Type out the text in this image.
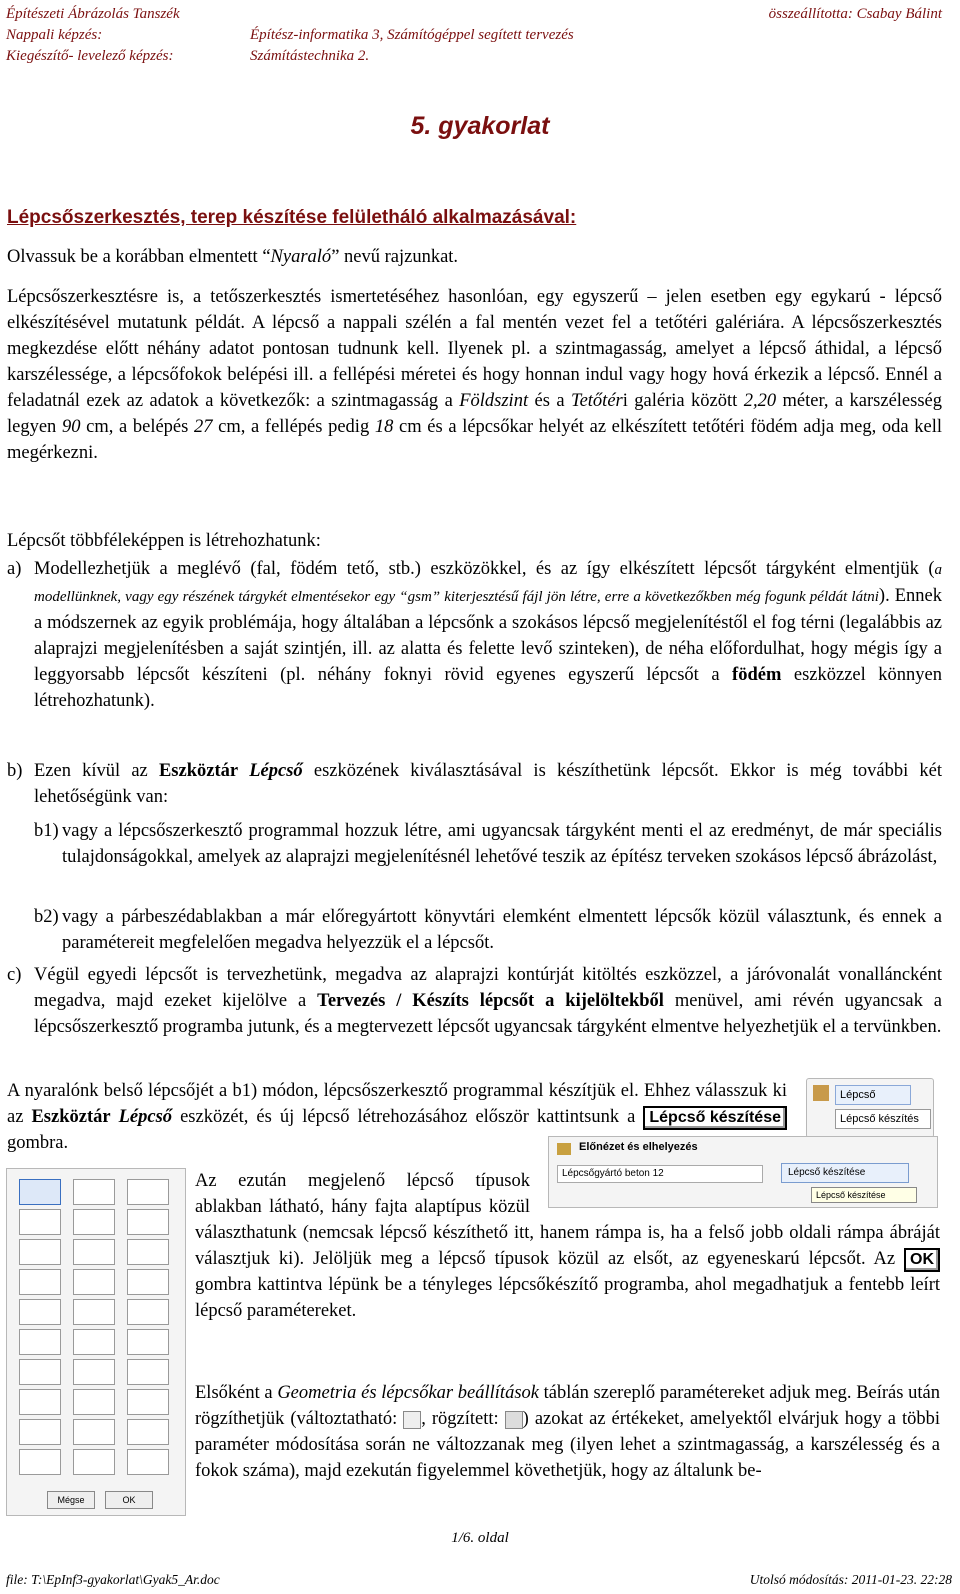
Építészeti Ábrázolás Tanszék	összeállította: Csabay Bálint
Nappali képzés:	Építész-informatika 3, Számítógéppel segített tervezés
Kiegészítő- levelező képzés:	Számítástechnika 2.
5. gyakorlat
Lépcsőszerkesztés, terep készítése felületháló alkalmazásával:
Olvassuk be a korábban elmentett “Nyaraló” nevű rajzunkat.
Lépcsőszerkesztésre is, a tetőszerkesztés ismertetéséhez hasonlóan, egy egyszerű – jelen esetben egy egykarú - lépcső elkészítésével mutatunk példát. A lépcső a nappali szélén a fal mentén vezet fel a tetőtéri galériára. A lépcsőszerkesztés megkezdése előtt néhány adatot pontosan tudnunk kell. Ilyenek pl. a szintmagasság, amelyet a lépcső áthidal, a lépcső karszélessége, a lépcsőfokok belépési ill. a fellépési méretei és hogy honnan indul vagy hogy hová érkezik a lépcső. Ennél a feladatnál ezek az adatok a következők: a szintmagasság a Földszint és a Tetőtéri galéria között 2,20 méter, a karszélesség legyen 90 cm, a belépés 27 cm, a fellépés pedig 18 cm és a lépcsőkar helyét az elkészített tetőtéri födém adja meg, oda kell megérkezni.
Lépcsőt többféleképpen is létrehozhatunk:
a) Modellezhetjük a meglévő (fal, födém tető, stb.) eszközökkel, és az így elkészített lépcsőt tárgyként elmentjük (a modellünknek, vagy egy részének tárgykét elmentésekor egy “gsm” kiterjesztésű fájl jön létre, erre a következőkben még fogunk példát látni). Ennek a módszernek az egyik problémája, hogy általában a lépcsőnk a szokásos lépcső megjelenítéstől el fog térni (legalábbis az alaprajzi megjelenítésben a saját szintjén, ill. az alatta és felette levő szinteken), de néha előfordulhat, hogy mégis így a leggyorsabb lépcsőt készíteni (pl. néhány foknyi rövid egyenes egyszerű lépcsőt a födém eszközzel könnyen létrehozhatunk).
b) Ezen kívül az Eszköztár Lépcső eszközének kiválasztásával is készíthetünk lépcsőt. Ekkor is még további két lehetőségünk van:
b1) vagy a lépcsőszerkesztő programmal hozzuk létre, ami ugyancsak tárgyként menti el az eredményt, de már speciális tulajdonságokkal, amelyek az alaprajzi megjelenítésnél lehetővé teszik az építész terveken szokásos lépcső ábrázolást,
b2) vagy a párbeszédablakban a már előregyártott könyvtári elemként elmentett lépcsők közül választunk, és ennek a paramétereit megfelelően megadva helyezzük el a lépcsőt.
c) Végül egyedi lépcsőt is tervezhetünk, megadva az alaprajzi kontúrját kitöltés eszközzel, a járóvonalát vonalláncként megadva, majd ezeket kijelölve a Tervezés / Készíts lépcsőt a kijelöltekből menüvel, ami révén ugyancsak a lépcsőszerkesztő programba jutunk, és a megtervezett lépcsőt ugyancsak tárgyként elmentve helyezhetjük el a tervünkben.
A nyaralónk belső lépcsőjét a b1) módon, lépcsőszerkesztő programmal készítjük el. Ehhez válasszuk ki az Eszköztár Lépcső eszközét, és új lépcső létrehozásához először kattintsunk a Lépcső készítése gombra.
Lépcső
Lépcső készítés
Előnézet és elhelyezés
Lépcsőgyártó beton 12	Lépcső készítése
Lépcső készítése
Mégse	OK
Az ezután megjelenő lépcső típusok ablakban látható, hány fajta alaptípus közül választhatunk (nemcsak lépcső készíthető itt, hanem rámpa is, ha a felső jobb oldali rámpa ábráját választjuk ki). Jelöljük meg a lépcső típusok közül az elsőt, az egyeneskarú lépcsőt. Az OK gombra kattintva lépünk be a tényleges lépcsőkészítő programba, ahol megadhatjuk a fentebb leírt lépcső paramétereket.
Elsőként a Geometria és lépcsőkar beállítások táblán szereplő paramétereket adjuk meg. Beírás után rögzíthetjük (változtatható: , rögzített: ) azokat az értékeket, amelyektől elvárjuk hogy a többi paraméter módosítása során ne változzanak meg (ilyen lehet a szintmagasság, a karszélesség és a fokok száma), majd ezekután figyelemmel követhetjük, hogy az általunk be-
1/6. oldal
file: T:\EpInf3-gyakorlat\Gyak5_Ar.doc	Utolsó módosítás: 2011-01-23. 22:28
